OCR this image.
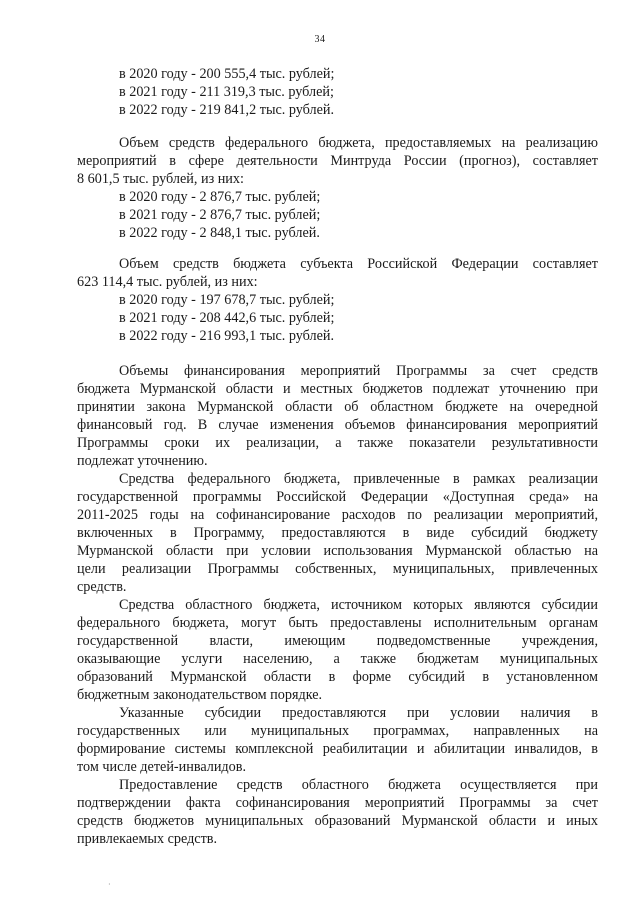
34
в 2020 году - 200 555,4 тыс. рублей;
в 2021 году - 211 319,3 тыс. рублей;
в 2022 году - 219 841,2 тыс. рублей.
Объем средств федерального бюджета, предоставляемых на реализацию
мероприятий в сфере деятельности Минтруда России (прогноз), составляет
8 601,5 тыс. рублей, из них:
в 2020 году - 2 876,7 тыс. рублей;
в 2021 году - 2 876,7 тыс. рублей;
в 2022 году - 2 848,1 тыс. рублей.
Объем средств бюджета субъекта Российской Федерации составляет
623 114,4 тыс. рублей, из них:
в 2020 году - 197 678,7 тыс. рублей;
в 2021 году - 208 442,6 тыс. рублей;
в 2022 году - 216 993,1 тыс. рублей.
Объемы финансирования мероприятий Программы за счет средств
бюджета Мурманской области и местных бюджетов подлежат уточнению при
принятии закона Мурманской области об областном бюджете на очередной
финансовый год. В случае изменения объемов финансирования мероприятий
Программы сроки их реализации, а также показатели результативности
подлежат уточнению.
Средства федерального бюджета, привлеченные в рамках реализации
государственной программы Российской Федерации «Доступная среда» на
2011-2025 годы на софинансирование расходов по реализации мероприятий,
включенных в Программу, предоставляются в виде субсидий бюджету
Мурманской области при условии использования Мурманской областью на
цели реализации Программы собственных, муниципальных, привлеченных
средств.
Средства областного бюджета, источником которых являются субсидии
федерального бюджета, могут быть предоставлены исполнительным органам
государственной власти, имеющим подведомственные учреждения,
оказывающие услуги населению, а также бюджетам муниципальных
образований Мурманской области в форме субсидий в установленном
бюджетным законодательством порядке.
Указанные субсидии предоставляются при условии наличия в
государственных или муниципальных программах, направленных на
формирование системы комплексной реабилитации и абилитации инвалидов, в
том числе детей-инвалидов.
Предоставление средств областного бюджета осуществляется при
подтверждении факта софинансирования мероприятий Программы за счет
средств бюджетов муниципальных образований Мурманской области и иных
привлекаемых средств.
·
